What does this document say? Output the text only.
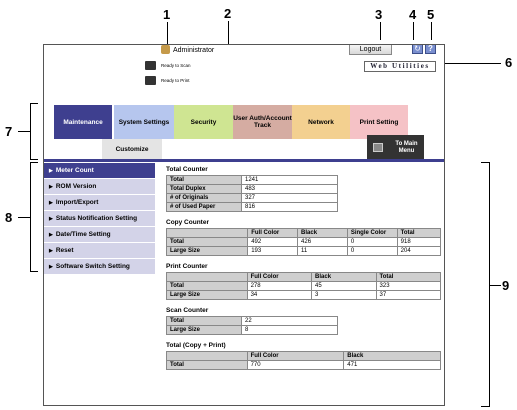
1	2	3 4 5
6
7
8
9
Administrator
Ready to Scan
Ready to Print
Logout	↻ ?
Web Utilities
Maintenance	System Settings	Security	User Auth/Account Track	Network	Print Setting
Customize
To Main Menu
▶ Meter Count
▶ ROM Version
▶ Import/Export
▶ Status Notification Setting
▶ Date/Time Setting
▶ Reset
▶ Software Switch Setting
Total Counter
Total	1241
Total Duplex	483
# of Originals	327
# of Used Paper	816
Copy Counter
	Full Color	Black	Single Color	Total
Total	492	426	0	918
Large Size	193	11	0	204
Print Counter
	Full Color	Black	Total
Total	278	45	323
Large Size	34	3	37
Scan Counter
Total	22
Large Size	8
Total (Copy + Print)
	Full Color	Black
Total	770	471
